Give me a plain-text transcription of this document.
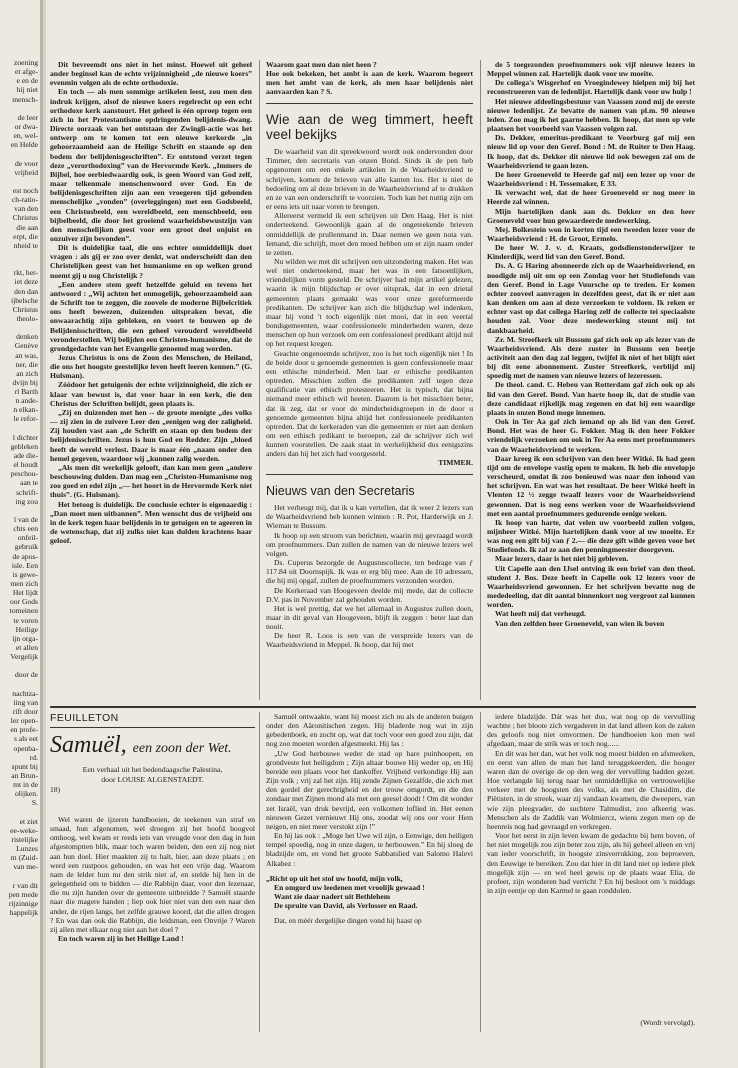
zoening
et afge-
e en de
hij niet
mensch-

de leer
or dwa-
en, wel-
en Helde

de voor
vrijheid

est noch
ch-ratio-
van den
Christus
die aan
erpt, die
nheid te

rkt, her-
iet deze
den dan
ijbelsche
Christus
theolo-

denken
Genève
an was,
ner, die
an zich
dvijn bij
rl Barth
n ande-
n elkan-
le refor-

l dichter
gebleken
ade die-
el houdt
peschou-
aan te
schrift-
ing zou

l van de
chts een
onfeil-
gebruik
de apos-
isle. Een
is gewe-
men zich
Het lijdt
oor Gods
tomeinen
te voren
Heilige
ijn orga-
et allen
Vergelijk

door de

nachtza-
iing van
rift door
ler open-
en profe-
s als eet
openba-
rd.
spunt bij
an Brun-
mt in de
olijken.
S.

et ziet
ee-weke-
ristelijke
Lunzes
m (Zuid-
van me-

r van dit
pen mede
rijzinnige
happelijk

Dit bevreemdt ons niet in het minst. Hoewel uit geheel ander beginsel kan de echte vrijzinnigheid „de nieuwe koers” evenmin volgen als de echte orthodoxie.

En toch — als men sommige artikelen leest, zou men den indruk krijgen, alsof de nieuwe koers regelrecht op een echt orthodoxe kerk aanstuurt. Het geheel is één oproep tegen een zich in het Protestantisme opdringenden belijdenis-dwang. Directe oorzaak van het ontstaan der Zwingli-actie was het ontwerp om te komen tot een nieuwe kerkorde „in gehoorzaamheid aan de Heilige Schrift en staande op den bodem der belijdenisgeschriften”. Er ontstond verzet tegen deze „verorthodoxing” van de Hervormde Kerk. „Immers de Bijbel, hoe eerbiedwaardig ook, is geen Woord van God zelf, maar telkenmale menschenwoord over God. En de belijdenisgeschriften zijn aan een vroegeren tijd gebonden menschelijke „vonden” (overleggingen) met een Godsbeeld, een Christusbeeld, een wereldbeeld, een menschbeeld, een bijbelbeeld, die door het groeiend waarheidsbewustzijn van den menschelijken geest voor een groot deel onjuist en onzuiver zijn bevonden”.

Dit is duidelijke taal, die ons echter onmiddellijk doet vragen : als gij er zoo over denkt, wat onderscheidt dan den Christelijken geest van het humanisme en op welken grond noemt gij u nog Christelijk ?

„Een andere stem geeft hetzelfde geluid en tevens het antwoord : „Wij achten het onmogelijk, gehoorzaamheid aan de Schrift toe te zeggen, die zoovele de moderne Bijbelcritiek ons heeft bewezen, duizenden uitspraken bevat, die onwaarachtig zijn gebleken, en voort te bouwen op de Belijdenisschriften, die een geheel verouderd wereldbeeld veronderstellen. Wij belijden een Christen-humanisme, dat de grondgedachte van het Evangelie genoemd mag worden.

Jezus Christus is ons de Zoon des Menschen, de Heiland, die ons het hoogste geestelijke leven heeft leeren kennen.” (G. Hulsman).

Zóódoor het getuigenis der echte vrijzinnigheid, die zich er klaar van bewust is, dat voor haar in een kerk, die den Christus der Schriften belijdt, geen plaats is.

„Zij en duizenden met hen -- de groote menigte „des volks — zij zien in de zuivere Leer den „eenigen weg der zaligheid. Zij houden vast aan „de Schrift en staan op den bodem der belijdenisschriften. Jezus is hun God en Redder. Zijn „bloed heeft de wereld verlost. Daar is maar één „naam onder den hemel gegeven, waardoor wij „kunnen zalig worden.

„Als men dit werkelijk gelooft, dan kan men geen „andere beschouwing dulden. Dan mag een „Christen-Humanisme nog zoo goed en edel zijn „— het hoort in de Hervormde Kerk niet thuis”. (G. Hulsman).

Het betoog is duidelijk. De conclusie echter is eigenaardig : „Dan moet men uitbannen”. Men wenscht dus de vrijheid om in de kerk tegen haar belijdenis in te getuigen en te ageeren in de wetenschap, dat zij zulks niet kan dulden krachtens haar geloof.

Waarom gaat men dan niet heen ?

Hoe ook bekeken, het ambt is aan de kerk. Waarom begeert men het ambt van de kerk, als men haar belijdenis niet aanvaarden kan ? S.

Wie aan de weg timmert, heeft veel bekijks

De waarheid van dit spreekwoord wordt ook ondervonden door Timmer, den secretaris van onzen Bond. Sinds ik de pen heb opgenomen om een enkele artikelen in de Waarheidsvriend te schrijven, komen de brieven van alle kanten los. Het is niet de bedoeling om al deze brieven in de Waarheidsvriend af te drukken en ze van een onderschrift te voorzien. Toch kan het nuttig zijn om er eens iets uit naar voren te brengen.

Allereerst vermeld ik een schrijven uit Den Haag. Het is niet onderteekend. Gewoonlijk gaan al de ongeteekende brieven onmiddellijk de prullenmand in. Daar nemen we geen nota van. Iemand, die schrijft, moet den moed hebben om er zijn naam onder te zetten.

Nu wilden we met dit schrijven een uitzondering maken. Het was wel niet onderteekend, maar het was in een fatsoenlijken, vriendelijken vorm gesteld. De schrijver had mijn artikel gelezen, waarin ik mijn blijdschap er over uitsprak, dat in een drietal gemeenten plaats gemaakt was voor onze gereformeerde predikanten. De schrijver kan zich die blijdschap wel indenken, maar hij vond 't toch eigenlijk niet mooi, dat in een veertal bondsgemeenten, waar confessioneele minderheden waren, deze menschen op hun verzoek om een confessioneel predikant altijd nul op het request kregen.

Geachte ongenoemde schrijver, zoo is het toch eigenlijk niet ! In de beide door u genoemde gemeenten is geen confessioneele maar een ethische minderheid. Men laat er ethische predikanten optreden. Misschien zullen die predikanten zelf tegen deze qualificatie van ethisch protesteeren. Het is typisch, dat bijna niemand meer ethisch wil heeten. Daarom is het misschien beter, dat ik zeg, dat er voor de minderheidsgroepen in de door u genoemde gemeenten bijna altijd het confessioneele predikanten optreden. Dat de kerkeraden van die gemeenten er niet aan denken om een ethisch prdikant te beroepen, zal de schrijver zich wel kunnen voorstellen. De zaak staat in werkelijkheid dus eenigszins anders dan hij het zich had voorgesteld.

TIMMER.

Nieuws van den Secretaris

Het verheugt mij, dat ik u kan vertellen, dat ik weer 2 lezers van de Waarheidsvriend heb kunnen winnen : R. Pot, Harderwijk en J. Wieman te Bussum.

Ik hoop op een stroom van berichten, waarin mij gevraagd wordt om proefnummers. Dan zullen de namen van de nieuwe lezers wel volgen.

Ds. Cuperus bezorgde de Augustuscollecte, ten bedrage van ƒ 117.84 uit Doornspijk. Ik was er erg blij mee. Aan de 10 adressen, die hij mij opgaf, zullen de proefnummers verzonden worden.

De Kerkeraad van Hoogeveen deelde mij mede, dat de collecte D.V. pas in November zal gehouden worden.

Het is wel prettig, dat we het allemaal in Augustus zullen doen, maar in dit geval van Hoogeveen, blijft ik zeggen : beter laat dan nooit.

De heer R. Loos is een van de verspreide lezers van de Waarheidsvriend in Meppel. Ik hoop, dat hij met

de 5 toegezonden proefnummers ook vijf nieuwe lezers in Meppel winnen zal. Hartelijk dank voor uw moeite.

De collega's Wisgerhof en Vroegindewey hielpen mij bij het reconstrueeren van de ledenlijst. Hartelijk dank voor uw hulp !

Het nieuwe afdeelingsbestuur van Vaassen zond mij de eerste nieuwe ledenlijst. Ze bevatte de namen van pl.m. 90 nieuwe leden. Zoo mag ik het gaarne hebben. Ik hoop, dat men op vele plaatsen het voorbeeld van Vaassen volgen zal.

Ds. Dekker, emeritus-predikant te Voorburg gaf mij een nieuw lid op voor den Geref. Bond : M. de Ruiter te Den Haag. Ik hoop, dat ds. Dekker dit nieuwe lid ook bewegen zal om de Waarheidsvriend te gaan lezen.

De heer Groeneveld te Heerde gaf mij een lezer op voor de Waarheidsvriend : H. Tessemaker, E 33.

Ik verwacht wel, dat de heer Groeneveld er nog meer in Heerde zal winnen.

Mijn hartelijken dank aan ds. Dekker en den heer Groeneveld voor hun gewaardeerde medewerking.

Mej. Bolkestein won in korten tijd een tweeden lezer voor de Waarheidsvriend : H. de Groot, Ermelo.

De heer W. J. v. d. Kraats, godsdienstonderwijzer te Kinderdijk, werd lid van den Geref. Bond.

Ds. A. G Haring abonneerde zich op de Waarheidsvriend, en noodigde mij uit om op een Zondag voor het Studiefonds van den Geref. Bond in Lage Vuursche op te treden. Er komen echter zooveel aanvragen in dezelfden geest, dat ik er niet aan kan denken om aan al deze verzoeken te voldoen. Ik reken er echter vast op dat collega Haring zelf de collecte tei speciaalste houden zal. Voor deze medewerking steunt mij tot dankbaarheid.

Zr. M. Streefkerk uit Bussum gaf zich ook op als lezer van de Waarheidsvriend. Als deze zuster in Bussum een beetje activiteit aan den dag zal leggen, twijfel ik niet of het blijft niet bij dit eene abonnement. Zuster Streefkerk, verblijd mij spoedig met de namen van nieuwe lezers of lezeressen.

De theol. cand. C. Hebeu van Rotterdam gaf zich ook op als lid van den Geref. Bond. Van harte hoop ik, dat de studie van deze candidaat rijkelijk mag zegenen en dat hij een waardige plaats in onzen Bond moge innemen.

Ook in Ter Aa gaf zich iemand op als lid van den Geref. Bond. Het was de heer G. Fokker. Mag ik den heer Fokker vriendelijk verzoeken om ook in Ter Aa eens met proefnummers van de Waarheidsvriend te werken.

Daar kreeg ik een schrijven van den heer Witké. Ik had geen tijd om de envelope vastig open te maken. Ik heb die envelopje verscheurd, omdat ik zoo benieuwd was naar den inhoud van het schrijven. En wat was het resultaat. De heer Witké heeft in Vlenten 12 ½ zegge twaalf lezers voor de Waarheidsvriend gewonnen. Dat is nog eens werken voor de Waarheidsvriend met een aantal proefnummers gedurende eenige weken.

Ik hoop van harte, dat velen uw voorbeeld zullen volgen, mijnheer Witké. Mijn hartelijken dank voor al uw moeite. Er was nog een gift bij van ƒ 2.— die deze gift wilde geven voor het Studiefonds. Ik zal ze aan den penningmeester doorgeven.

Maar lezers, daar is het niet bij gebleven.

Uit Capelle aan den IJsel ontving ik een brief van den theol. student J. Bos. Deze heeft in Capelle ook 12 lezers voor de Waarheidsvriend gewonnen. Er het schrijven bevatte nog de mededeeling, dat dit aantal binnenkort nog vergroot zal kunnen worden.

Wat heeft mij dat verheugd.

Van den zelfden heer Groeneveld, van wien ik boven

FEUILLETON
Samuël, een zoon der Wet.
Een verhaal uit het bedendaagsche Palestina,
door LOUISE ALGENSTAEDT.
18)

Wel waren de ijzeren handboeien, de teekenen van straf en smaad, hun afgenomen, wel droegen zij het hoofd hoogvol omhoog, wel kwam er reeds iets van vreugde voor den dag in hun afgestomptten blik, maar toch waren beiden, den een zij nog niet aan hun doel. Hier maakten zij tu halt, hier, aan deze plaats ; en werd een rustpoos gehouden, en was het een vrije dag. Waarom nam de lelder hun nu den strik niet af, en stelde hij hen in de gelegenheid om te bidden — die Rabbijn daar, voor den lezenaar, die nu zijn handen over de gemeente uitbreidde ? Samuël staarde naar die magere handen ; liep ook hier niet van den een naar den ander, de rijen langs, het zelfde grauwe koord, dat die allen drogen ? En was dan ook die Rabbijn, die leidsman, een Onvrije ? Waren zij allen met elkaar nog niet aan het doel ?

En toch waren zij in het Heilige Land !

Samuël ontwaakte, want hij moest zich nu als de anderen buigen onder den Aäronitischen zegen. Hij bladerde nog wat in zijn gebedenboek, en zocht op, wat dat toch voor een goed zou zijn, dat nog zoo moeten worden afgesmeekt. Hij las :

„Uw God herbouwe weder de stad op hare puinhoopen, en grondveste het heiligdom ; Zijn altaar bouwe Hij weder op, en Hij bereide een plaats voor het dankoffer. Vrijheid verkondige Hij aan Zijn volk ; vrij zal het zijn. Hij zende Zijnen Gezalfde, die zich met den gordel der gerechtigheid en der trouw omgordt, en die den zondaar met Zijnen mond als met een geesel doodt ! Om dit wonder zet Israël, van druk bevrijd, een volkomen loflied in. Het eenen nieuwen Gezet vernieuwt Hij ons, zoodat wij ons oor voor Hem neigen, en niet meer verstokt zijn !”

En hij las ook : „Moge het Uwe wil zijn, o Eenwige, den heiligen tempel spoedig, nog in onze dagen, te herbouwen.” En hij sloeg de bladzijde om, en vond het groote Sabbatslied van Salomo Halevi Alkabez :

„Richt op uit het stof uw hoofd, mijn volk,

En omgord uw leedenen met vroolijk gewaad !

Want zie daar nadert uit Bethlehem

De spruite van David, als Verlosser en Raad.

Dat, en méér dergelijke dingen vond hij haast op

iedere bladzijde. Dát was het dus, wat nog op de vervulling wachtte ; het bloote zich vergaderen in dat land alleen kon de zaken des geloofs nog niet omvormen. De handboeien kon men wel afgedaan, maar de strik was er toch nog......

En dit was het dan, wat het volk nog moest bidden en afsmeeken, en eerst van allen de man het land teruggekeerden, die hooger waren dan de overige de op den weg der vervulling hadden gezet. Hoe verlangde hij terug naar het onmiddellijke en vertrouwelijke verkeer met de hoogsten des volks, als met de Chasidim, die Piëtisten, in de streek, waar zij vandaan kwamen, die dweepers, van wie zijn pleegvader, de suchtere Talmudist, zoo afkeerig was. Menschen als de Zaddik van Wolmiercz, wiens zegen men op de heenreis nog had gevraagd en verkregen.

Voor het eerst in zijn leven kwam de gedachte bij hem boven, of het niet mogelijk zou zijn beter zou zijn, als hij geheel alleen en vrij van ieder voorschrift, in hoogste zinsverrukking, zou beproeven, den Eeuwige te bereiken. Zou dat hier in dit land niet op iedere plek mogelijk zijn — en wel heel gewis op de plaats waar Elia, de profeet, zijn wonderen had verricht ? En hij besloot om 's middags in zijn eentje op den Karmel te gaan ronddolen.

(Wordt vervolgd).
